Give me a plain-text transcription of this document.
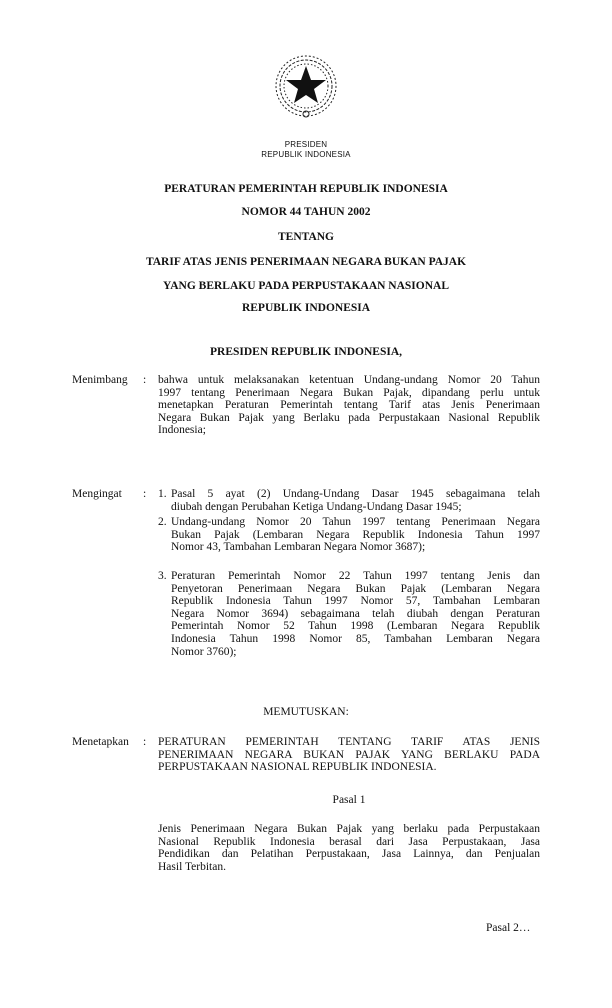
PRESIDEN
REPUBLIK INDONESIA
PERATURAN PEMERINTAH REPUBLIK INDONESIA
NOMOR 44 TAHUN 2002
TENTANG
TARIF ATAS JENIS PENERIMAAN NEGARA BUKAN PAJAK
YANG BERLAKU PADA PERPUSTAKAAN NASIONAL
REPUBLIK INDONESIA
PRESIDEN REPUBLIK INDONESIA,
Menimbang : bahwa untuk melaksanakan ketentuan Undang-undang Nomor 20 Tahun
1997 tentang Penerimaan Negara Bukan Pajak, dipandang perlu untuk
menetapkan Peraturan Pemerintah tentang Tarif atas Jenis Penerimaan
Negara Bukan Pajak yang Berlaku pada Perpustakaan Nasional Republik
Indonesia;
Mengingat : 1. Pasal 5 ayat (2) Undang-Undang Dasar 1945 sebagaimana telah
diubah dengan Perubahan Ketiga Undang-Undang Dasar 1945;
2. Undang-undang Nomor 20 Tahun 1997 tentang Penerimaan Negara
Bukan Pajak (Lembaran Negara Republik Indonesia Tahun 1997
Nomor 43, Tambahan Lembaran Negara Nomor 3687);
3. Peraturan Pemerintah Nomor 22 Tahun 1997 tentang Jenis dan
Penyetoran Penerimaan Negara Bukan Pajak (Lembaran Negara
Republik Indonesia Tahun 1997 Nomor 57, Tambahan Lembaran
Negara Nomor 3694) sebagaimana telah diubah dengan Peraturan
Pemerintah Nomor 52 Tahun 1998 (Lembaran Negara Republik
Indonesia Tahun 1998 Nomor 85, Tambahan Lembaran Negara
Nomor 3760);
MEMUTUSKAN:
Menetapkan : PERATURAN PEMERINTAH TENTANG TARIF ATAS JENIS
PENERIMAAN NEGARA BUKAN PAJAK YANG BERLAKU PADA
PERPUSTAKAAN NASIONAL REPUBLIK INDONESIA.
Pasal 1
Jenis Penerimaan Negara Bukan Pajak yang berlaku pada Perpustakaan
Nasional Republik Indonesia berasal dari Jasa Perpustakaan, Jasa
Pendidikan dan Pelatihan Perpustakaan, Jasa Lainnya, dan Penjualan
Hasil Terbitan.
Pasal 2…
